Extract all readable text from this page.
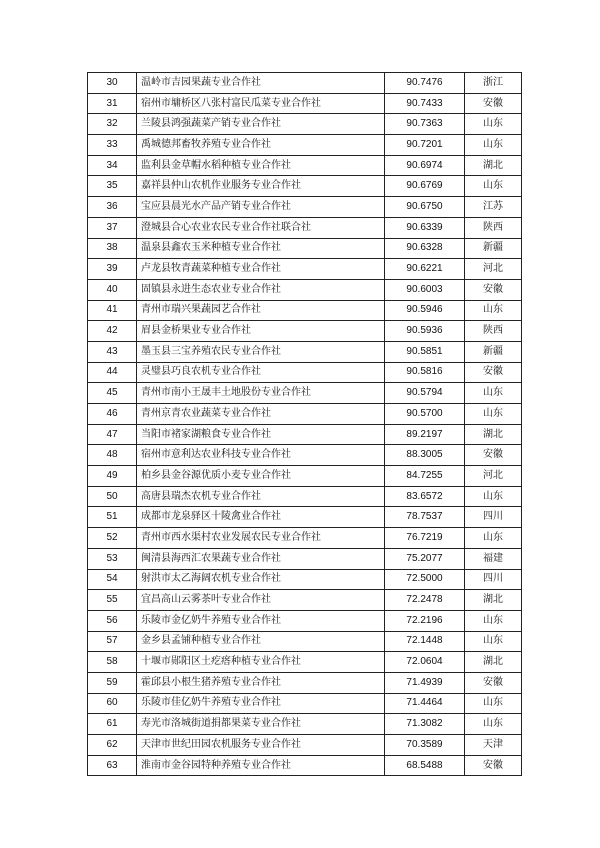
30	温岭市吉园果蔬专业合作社	90.7476	浙江
31	宿州市墉桥区八张村富民瓜菜专业合作社	90.7433	安徽
32	兰陵县鸿强蔬菜产销专业合作社	90.7363	山东
33	禹城德邦畜牧养殖专业合作社	90.7201	山东
34	监利县金草帽水稻种植专业合作社	90.6974	湖北
35	嘉祥县仲山农机作业服务专业合作社	90.6769	山东
36	宝应县晨光水产品产销专业合作社	90.6750	江苏
37	澄城县合心农业农民专业合作社联合社	90.6339	陕西
38	温泉县鑫农玉米种植专业合作社	90.6328	新疆
39	卢龙县牧青蔬菜种植专业合作社	90.6221	河北
40	固镇县永进生态农业专业合作社	90.6003	安徽
41	青州市瑞兴果蔬园艺合作社	90.5946	山东
42	眉县金桥果业专业合作社	90.5936	陕西
43	墨玉县三宝养殖农民专业合作社	90.5851	新疆
44	灵璧县巧良农机专业合作社	90.5816	安徽
45	青州市南小王晟丰土地股份专业合作社	90.5794	山东
46	青州京青农业蔬菜专业合作社	90.5700	山东
47	当阳市褚家湖粮食专业合作社	89.2197	湖北
48	宿州市意利达农业科技专业合作社	88.3005	安徽
49	柏乡县金谷源优质小麦专业合作社	84.7255	河北
50	高唐县瑞杰农机专业合作社	83.6572	山东
51	成都市龙泉驿区十陵禽业合作社	78.7537	四川
52	青州市西水渠村农业发展农民专业合作社	76.7219	山东
53	闽清县海西汇农果蔬专业合作社	75.2077	福建
54	射洪市太乙海阔农机专业合作社	72.5000	四川
55	宜昌高山云雾茶叶专业合作社	72.2478	湖北
56	乐陵市金亿奶牛养殖专业合作社	72.2196	山东
57	金乡县孟铺种植专业合作社	72.1448	山东
58	十堰市郧阳区土疙瘩种植专业合作社	72.0604	湖北
59	霍邱县小根生猪养殖专业合作社	71.4939	安徽
60	乐陵市佳亿奶牛养殖专业合作社	71.4464	山东
61	寿光市洛城街道捐都果菜专业合作社	71.3082	山东
62	天津市世纪田园农机服务专业合作社	70.3589	天津
63	淮南市金谷园特种养殖专业合作社	68.5488	安徽
